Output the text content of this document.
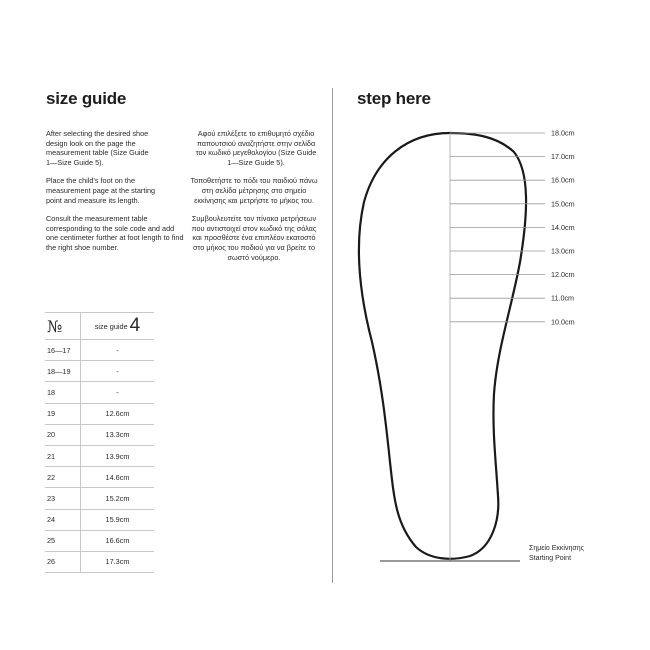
size guide

After selecting the desired shoe design look on the page the measurement table (Size Guide 1—Size Guide 5).

Place the child's foot on the measurement page at the starting point and measure its length.

Consult the measurement table corresponding to the sole code and add one centimeter further at foot length to find the right shoe number.

Αφού επιλέξετε το επιθυμητό σχέδιο παπουτσιού αναζητήστε στην σελίδα τον κωδικό μεγεθολογίου (Size Guide 1—Size Guide 5).

Τοποθετήστε το πόδι του παιδιού πάνω στη σελίδα μέτρησης στο σημείο εκκίνησης και μετρήστε το μήκος του.

Συμβουλευτείτε τον πίνακα μετρήσεων που αντιστοιχεί στον κωδικό της σόλας και προσθέστε ένα επιπλέον εκατοστό στο μήκος του ποδιού για να βρείτε το σωστό νούμερο.

№	size guide 4
16—17	-
18—19	-
18	-
19	12.6cm
20	13.3cm
21	13.9cm
22	14.6cm
23	15.2cm
24	15.9cm
25	16.6cm
26	17.3cm
step here
18.0cm
17.0cm
16.0cm
15.0cm
14.0cm
13.0cm
12.0cm
11.0cm
10.0cm
Σημείο Εκκίνησης
Starting Point
